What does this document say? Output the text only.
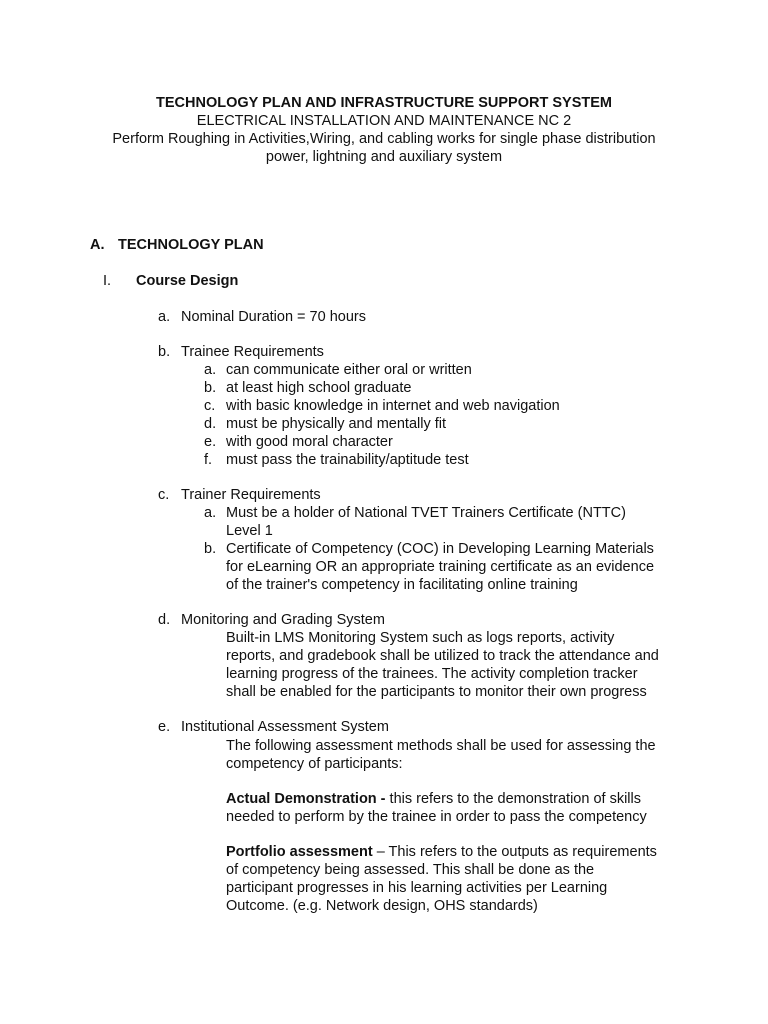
TECHNOLOGY PLAN AND INFRASTRUCTURE SUPPORT SYSTEM
ELECTRICAL INSTALLATION AND MAINTENANCE NC 2
Perform Roughing in Activities,Wiring, and cabling works for single phase distribution
power, lightning and auxiliary system
A. TECHNOLOGY PLAN
I. Course Design
a. Nominal Duration = 70 hours
b. Trainee Requirements
a. can communicate either oral or written
b. at least high school graduate
c. with basic knowledge in internet and web navigation
d. must be physically and mentally fit
e. with good moral character
f. must pass the trainability/aptitude test
c. Trainer Requirements
a. Must be a holder of National TVET Trainers Certificate (NTTC)
Level 1
b. Certificate of Competency (COC) in Developing Learning Materials
for eLearning OR an appropriate training certificate as an evidence
of the trainer's competency in facilitating online training
d. Monitoring and Grading System
Built-in LMS Monitoring System such as logs reports, activity
reports, and gradebook shall be utilized to track the attendance and
learning progress of the trainees. The activity completion tracker
shall be enabled for the participants to monitor their own progress
e. Institutional Assessment System
The following assessment methods shall be used for assessing the
competency of participants:
Actual Demonstration - this refers to the demonstration of skills
needed to perform by the trainee in order to pass the competency
Portfolio assessment – This refers to the outputs as requirements
of competency being assessed. This shall be done as the
participant progresses in his learning activities per Learning
Outcome. (e.g. Network design, OHS standards)
